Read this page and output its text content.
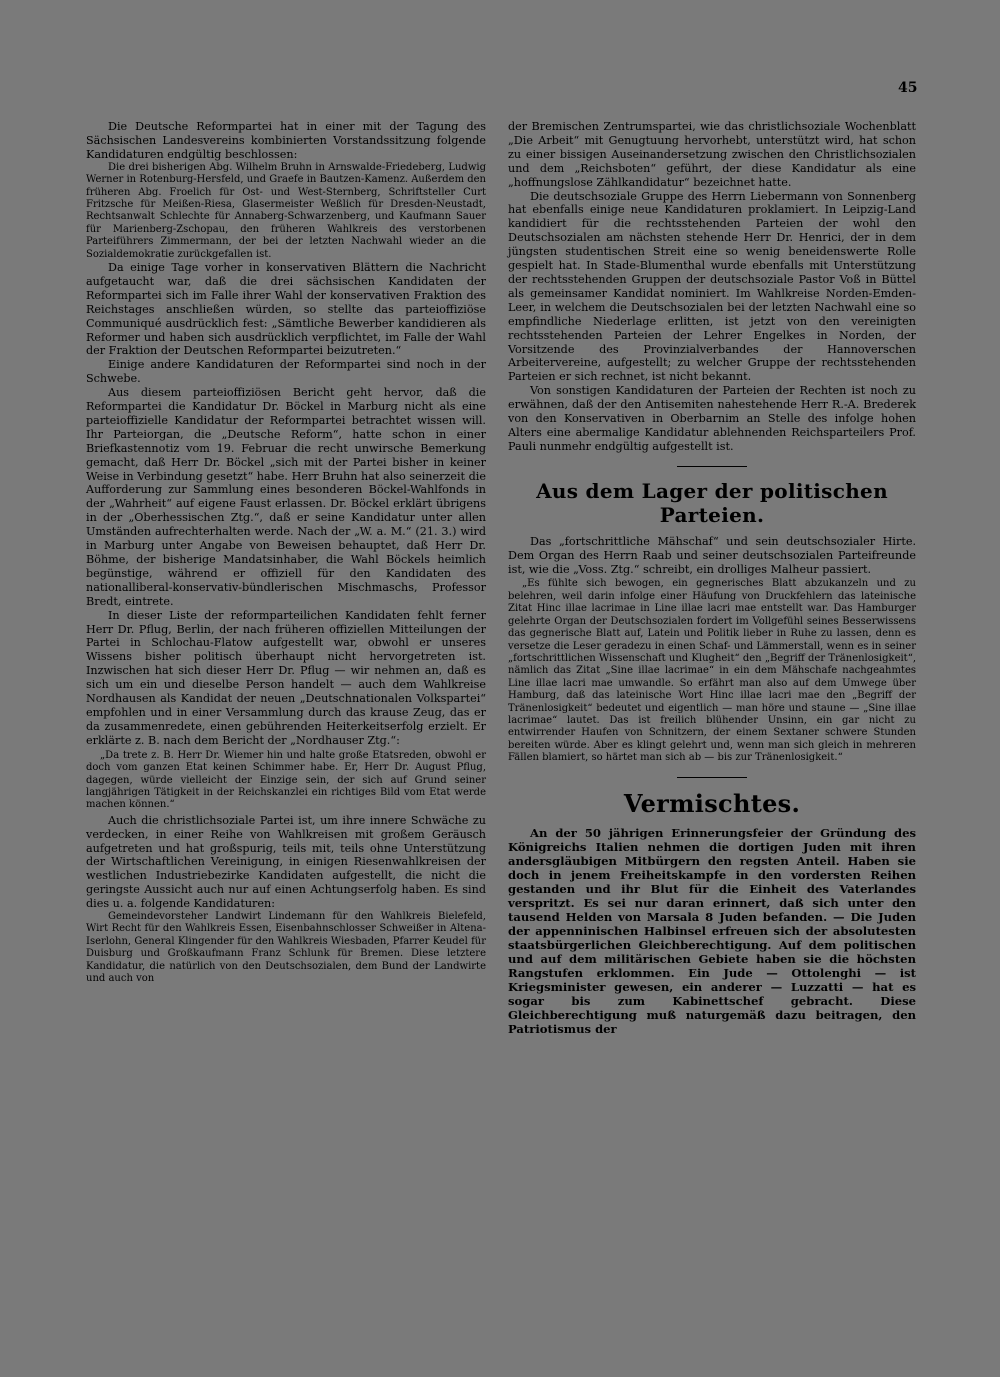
45

Die Deutsche Reformpartei hat in einer mit der Tagung des Sächsischen Landesvereins kombinierten Vorstandssitzung folgende Kandidaturen endgültig beschlossen:

Die drei bisherigen Abg. Wilhelm Bruhn in Arnswalde-Friedeberg, Ludwig Werner in Rotenburg-Hersfeld, und Graefe in Bautzen-Kamenz. Außerdem den früheren Abg. Froelich für Ost- und West-Sternberg, Schriftsteller Curt Fritzsche für Meißen-Riesa, Glasermeister Weßlich für Dresden-Neustadt, Rechtsanwalt Schlechte für Annaberg-Schwarzenberg, und Kaufmann Sauer für Marienberg-Zschopau, den früheren Wahlkreis des verstorbenen Parteiführers Zimmermann, der bei der letzten Nachwahl wieder an die Sozialdemokratie zurückgefallen ist.

Da einige Tage vorher in konservativen Blättern die Nachricht aufgetaucht war, daß die drei sächsischen Kandidaten der Reformpartei sich im Falle ihrer Wahl der konservativen Fraktion des Reichstages anschließen würden, so stellte das parteioffiziöse Communiqué ausdrücklich fest: „Sämtliche Bewerber kandidieren als Reformer und haben sich ausdrücklich verpflichtet, im Falle der Wahl der Fraktion der Deutschen Reformpartei beizutreten.“

Einige andere Kandidaturen der Reformpartei sind noch in der Schwebe.

Aus diesem parteioffiziösen Bericht geht hervor, daß die Reformpartei die Kandidatur Dr. Böckel in Marburg nicht als eine parteioffizielle Kandidatur der Reformpartei betrachtet wissen will. Ihr Parteiorgan, die „Deutsche Reform“, hatte schon in einer Briefkastennotiz vom 19. Februar die recht unwirsche Bemerkung gemacht, daß Herr Dr. Böckel „sich mit der Partei bisher in keiner Weise in Verbindung gesetzt“ habe. Herr Bruhn hat also seinerzeit die Aufforderung zur Sammlung eines besonderen Böckel-Wahlfonds in der „Wahrheit“ auf eigene Faust erlassen. Dr. Böckel erklärt übrigens in der „Oberhessischen Ztg.“, daß er seine Kandidatur unter allen Umständen aufrechterhalten werde. Nach der „W. a. M.“ (21. 3.) wird in Marburg unter Angabe von Beweisen behauptet, daß Herr Dr. Böhme, der bisherige Mandatsinhaber, die Wahl Böckels heimlich begünstige, während er offiziell für den Kandidaten des nationalliberal-konservativ-bündlerischen Mischmaschs, Professor Bredt, eintrete.

In dieser Liste der reformparteilichen Kandidaten fehlt ferner Herr Dr. Pflug, Berlin, der nach früheren offiziellen Mitteilungen der Partei in Schlochau-Flatow aufgestellt war, obwohl er unseres Wissens bisher politisch überhaupt nicht hervorgetreten ist. Inzwischen hat sich dieser Herr Dr. Pflug — wir nehmen an, daß es sich um ein und dieselbe Person handelt — auch dem Wahlkreise Nordhausen als Kandidat der neuen „Deutschnationalen Volkspartei“ empfohlen und in einer Versammlung durch das krause Zeug, das er da zusammenredete, einen gebührenden Heiterkeitserfolg erzielt. Er erklärte z. B. nach dem Bericht der „Nordhauser Ztg.“:

„Da trete z. B. Herr Dr. Wiemer hin und halte große Etatsreden, obwohl er doch vom ganzen Etat keinen Schimmer habe. Er, Herr Dr. August Pflug, dagegen, würde vielleicht der Einzige sein, der sich auf Grund seiner langjährigen Tätigkeit in der Reichskanzlei ein richtiges Bild vom Etat werde machen können.“

Auch die christlichsoziale Partei ist, um ihre innere Schwäche zu verdecken, in einer Reihe von Wahlkreisen mit großem Geräusch aufgetreten und hat großspurig, teils mit, teils ohne Unterstützung der Wirtschaftlichen Vereinigung, in einigen Riesenwahlkreisen der westlichen Industriebezirke Kandidaten aufgestellt, die nicht die geringste Aussicht auch nur auf einen Achtungserfolg haben. Es sind dies u. a. folgende Kandidaturen:

Gemeindevorsteher Landwirt Lindemann für den Wahlkreis Bielefeld, Wirt Recht für den Wahlkreis Essen, Eisenbahnschlosser Schweißer in Altena-Iserlohn, General Klingender für den Wahlkreis Wiesbaden, Pfarrer Keudel für Duisburg und Großkaufmann Franz Schlunk für Bremen. Diese letztere Kandidatur, die natürlich von den Deutschsozialen, dem Bund der Landwirte und auch von

der Bremischen Zentrumspartei, wie das christlichsoziale Wochenblatt „Die Arbeit“ mit Genugtuung hervorhebt, unterstützt wird, hat schon zu einer bissigen Auseinandersetzung zwischen den Christlichsozialen und dem „Reichsboten“ geführt, der diese Kandidatur als eine „hoffnungslose Zählkandidatur“ bezeichnet hatte.

Die deutschsoziale Gruppe des Herrn Liebermann von Sonnenberg hat ebenfalls einige neue Kandidaturen proklamiert. In Leipzig-Land kandidiert für die rechtsstehenden Parteien der wohl den Deutschsozialen am nächsten stehende Herr Dr. Henrici, der in dem jüngsten studentischen Streit eine so wenig beneidenswerte Rolle gespielt hat. In Stade-Blumenthal wurde ebenfalls mit Unterstützung der rechtsstehenden Gruppen der deutschsoziale Pastor Voß in Büttel als gemeinsamer Kandidat nominiert. Im Wahlkreise Norden-Emden-Leer, in welchem die Deutschsozialen bei der letzten Nachwahl eine so empfindliche Niederlage erlitten, ist jetzt von den vereinigten rechtsstehenden Parteien der Lehrer Engelkes in Norden, der Vorsitzende des Provinzialverbandes der Hannoverschen Arbeitervereine, aufgestellt; zu welcher Gruppe der rechtsstehenden Parteien er sich rechnet, ist nicht bekannt.

Von sonstigen Kandidaturen der Parteien der Rechten ist noch zu erwähnen, daß der den Antisemiten nahestehende Herr R.-A. Brederek von den Konservativen in Oberbarnim an Stelle des infolge hohen Alters eine abermalige Kandidatur ablehnenden Reichsparteilers Prof. Pauli nunmehr endgültig aufgestellt ist.

Aus dem Lager der politischen Parteien.

Das „fortschrittliche Mähschaf“ und sein deutschsozialer Hirte. Dem Organ des Herrn Raab und seiner deutschsozialen Parteifreunde ist, wie die „Voss. Ztg.“ schreibt, ein drolliges Malheur passiert.

„Es fühlte sich bewogen, ein gegnerisches Blatt abzukanzeln und zu belehren, weil darin infolge einer Häufung von Druckfehlern das lateinische Zitat Hinc illae lacrimae in Line illae lacri mae entstellt war. Das Hamburger gelehrte Organ der Deutschsozialen fordert im Vollgefühl seines Besserwissens das gegnerische Blatt auf, Latein und Politik lieber in Ruhe zu lassen, denn es versetze die Leser geradezu in einen Schaf- und Lämmerstall, wenn es in seiner „fortschrittlichen Wissenschaft und Klugheit“ den „Begriff der Tränenlosigkeit“, nämlich das Zitat „Sine illae lacrimae“ in ein dem Mähschafe nachgeahmtes Line illae lacri mae umwandle. So erfährt man also auf dem Umwege über Hamburg, daß das lateinische Wort Hinc illae lacri mae den „Begriff der Tränenlosigkeit“ bedeutet und eigentlich — man höre und staune — „Sine illae lacrimae“ lautet. Das ist freilich blühender Unsinn, ein gar nicht zu entwirrender Haufen von Schnitzern, der einem Sextaner schwere Stunden bereiten würde. Aber es klingt gelehrt und, wenn man sich gleich in mehreren Fällen blamiert, so härtet man sich ab — bis zur Tränenlosigkeit.“

Vermischtes.

An der 50 jährigen Erinnerungsfeier der Gründung des Königreichs Italien nehmen die dortigen Juden mit ihren andersgläubigen Mitbürgern den regsten Anteil. Haben sie doch in jenem Freiheitskampfe in den vordersten Reihen gestanden und ihr Blut für die Einheit des Vaterlandes verspritzt. Es sei nur daran erinnert, daß sich unter den tausend Helden von Marsala 8 Juden befanden. — Die Juden der appenninischen Halbinsel erfreuen sich der absolutesten staatsbürgerlichen Gleichberechtigung. Auf dem politischen und auf dem militärischen Gebiete haben sie die höchsten Rangstufen erklommen. Ein Jude — Ottolenghi — ist Kriegsminister gewesen, ein anderer — Luzzatti — hat es sogar bis zum Kabinettschef gebracht. Diese Gleichberechtigung muß naturgemäß dazu beitragen, den Patriotismus der
